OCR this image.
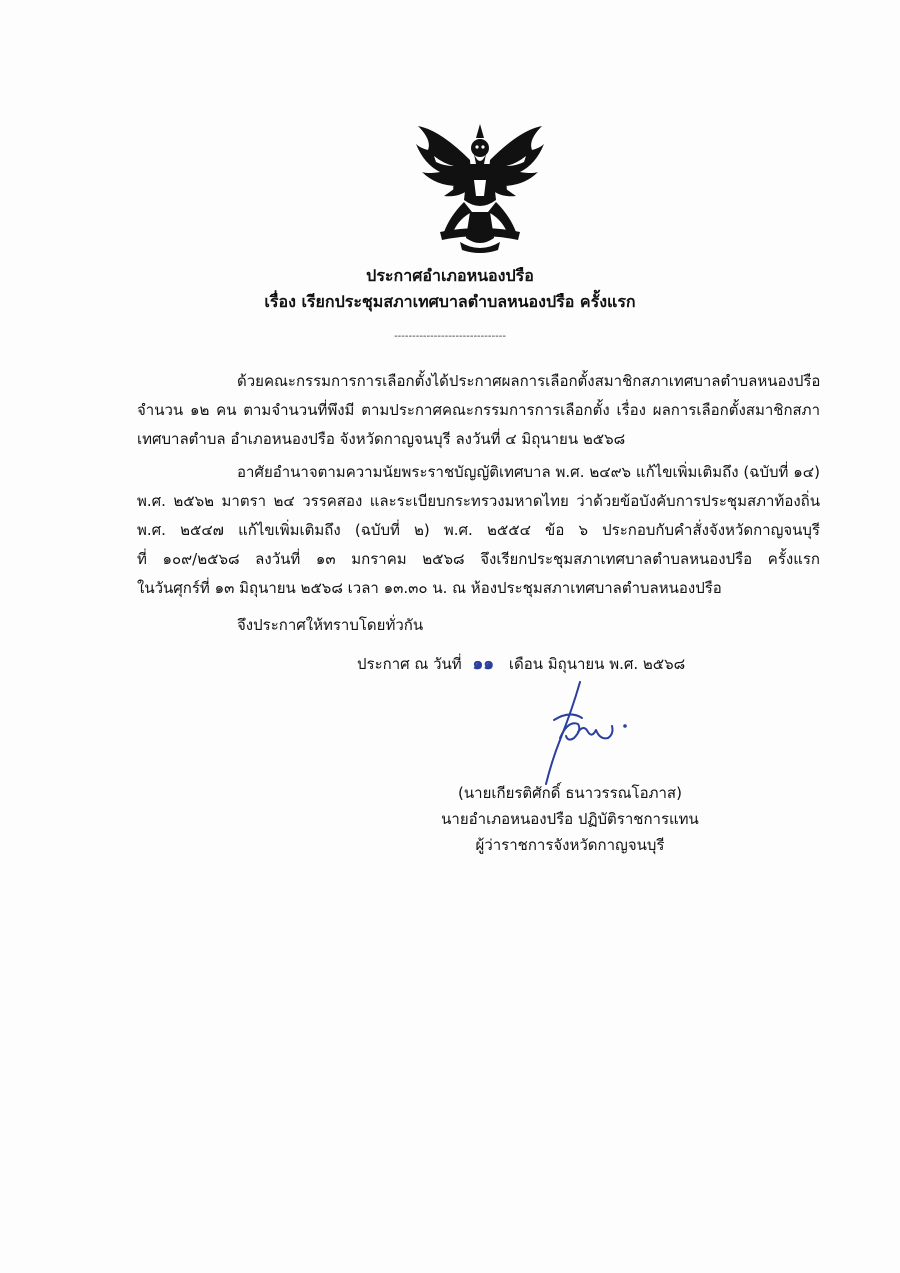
ประกาศอำเภอหนองปรือ
เรื่อง เรียกประชุมสภาเทศบาลตำบลหนองปรือ ครั้งแรก
-------------------------------
ด้วยคณะกรรมการการเลือกตั้งได้ประกาศผลการเลือกตั้งสมาชิกสภาเทศบาลตำบลหนองปรือ
จำนวน ๑๒ คน ตามจำนวนที่พึงมี ตามประกาศคณะกรรมการการเลือกตั้ง เรื่อง ผลการเลือกตั้งสมาชิกสภา
เทศบาลตำบล อำเภอหนองปรือ จังหวัดกาญจนบุรี ลงวันที่ ๔ มิถุนายน ๒๕๖๘
อาศัยอำนาจตามความนัยพระราชบัญญัติเทศบาล พ.ศ. ๒๔๙๖ แก้ไขเพิ่มเติมถึง (ฉบับที่ ๑๔)
พ.ศ. ๒๕๖๒ มาตรา ๒๔ วรรคสอง และระเบียบกระทรวงมหาดไทย ว่าด้วยข้อบังคับการประชุมสภาท้องถิ่น
พ.ศ. ๒๕๔๗ แก้ไขเพิ่มเติมถึง (ฉบับที่ ๒) พ.ศ. ๒๕๕๔ ข้อ ๖ ประกอบกับคำสั่งจังหวัดกาญจนบุรี
ที่ ๑๐๙/๒๕๖๘ ลงวันที่ ๑๓ มกราคม ๒๕๖๘ จึงเรียกประชุมสภาเทศบาลตำบลหนองปรือ ครั้งแรก
ในวันศุกร์ที่ ๑๓ มิถุนายน ๒๕๖๘ เวลา ๑๓.๓๐ น. ณ ห้องประชุมสภาเทศบาลตำบลหนองปรือ
จึงประกาศให้ทราบโดยทั่วกัน
ประกาศ ณ วันที่ ๑๑ เดือน มิถุนายน พ.ศ. ๒๕๖๘
(นายเกียรติศักดิ์ ธนาวรรณโอภาส)
นายอำเภอหนองปรือ ปฏิบัติราชการแทน
ผู้ว่าราชการจังหวัดกาญจนบุรี
